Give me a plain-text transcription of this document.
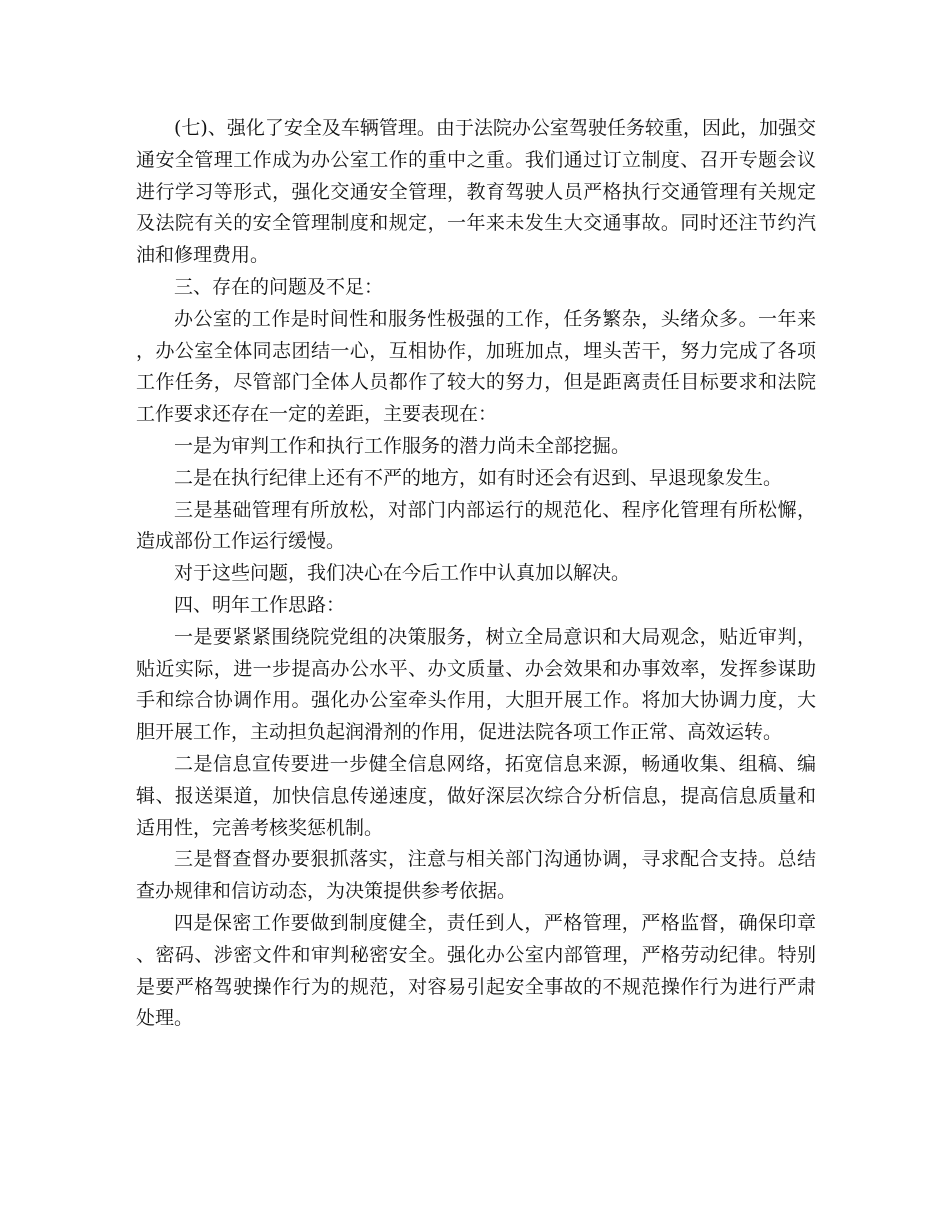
(七)、强化了安全及车辆管理。由于法院办公室驾驶任务较重，因此，加强交通安全管理工作成为办公室工作的重中之重。我们通过订立制度、召开专题会议进行学习等形式，强化交通安全管理，教育驾驶人员严格执行交通管理有关规定及法院有关的安全管理制度和规定，一年来未发生大交通事故。同时还注节约汽油和修理费用。

三、存在的问题及不足：

办公室的工作是时间性和服务性极强的工作，任务繁杂，头绪众多。一年来，办公室全体同志团结一心，互相协作，加班加点，埋头苦干，努力完成了各项工作任务，尽管部门全体人员都作了较大的努力，但是距离责任目标要求和法院工作要求还存在一定的差距，主要表现在：

一是为审判工作和执行工作服务的潜力尚未全部挖掘。

二是在执行纪律上还有不严的地方，如有时还会有迟到、早退现象发生。

三是基础管理有所放松，对部门内部运行的规范化、程序化管理有所松懈，造成部份工作运行缓慢。

对于这些问题，我们决心在今后工作中认真加以解决。

四、明年工作思路：

一是要紧紧围绕院党组的决策服务，树立全局意识和大局观念，贴近审判，贴近实际，进一步提高办公水平、办文质量、办会效果和办事效率，发挥参谋助手和综合协调作用。强化办公室牵头作用，大胆开展工作。将加大协调力度，大胆开展工作，主动担负起润滑剂的作用，促进法院各项工作正常、高效运转。

二是信息宣传要进一步健全信息网络，拓宽信息来源，畅通收集、组稿、编辑、报送渠道，加快信息传递速度，做好深层次综合分析信息，提高信息质量和适用性，完善考核奖惩机制。

三是督查督办要狠抓落实，注意与相关部门沟通协调，寻求配合支持。总结查办规律和信访动态，为决策提供参考依据。

四是保密工作要做到制度健全，责任到人，严格管理，严格监督，确保印章、密码、涉密文件和审判秘密安全。强化办公室内部管理，严格劳动纪律。特别是要严格驾驶操作行为的规范，对容易引起安全事故的不规范操作行为进行严肃处理。
